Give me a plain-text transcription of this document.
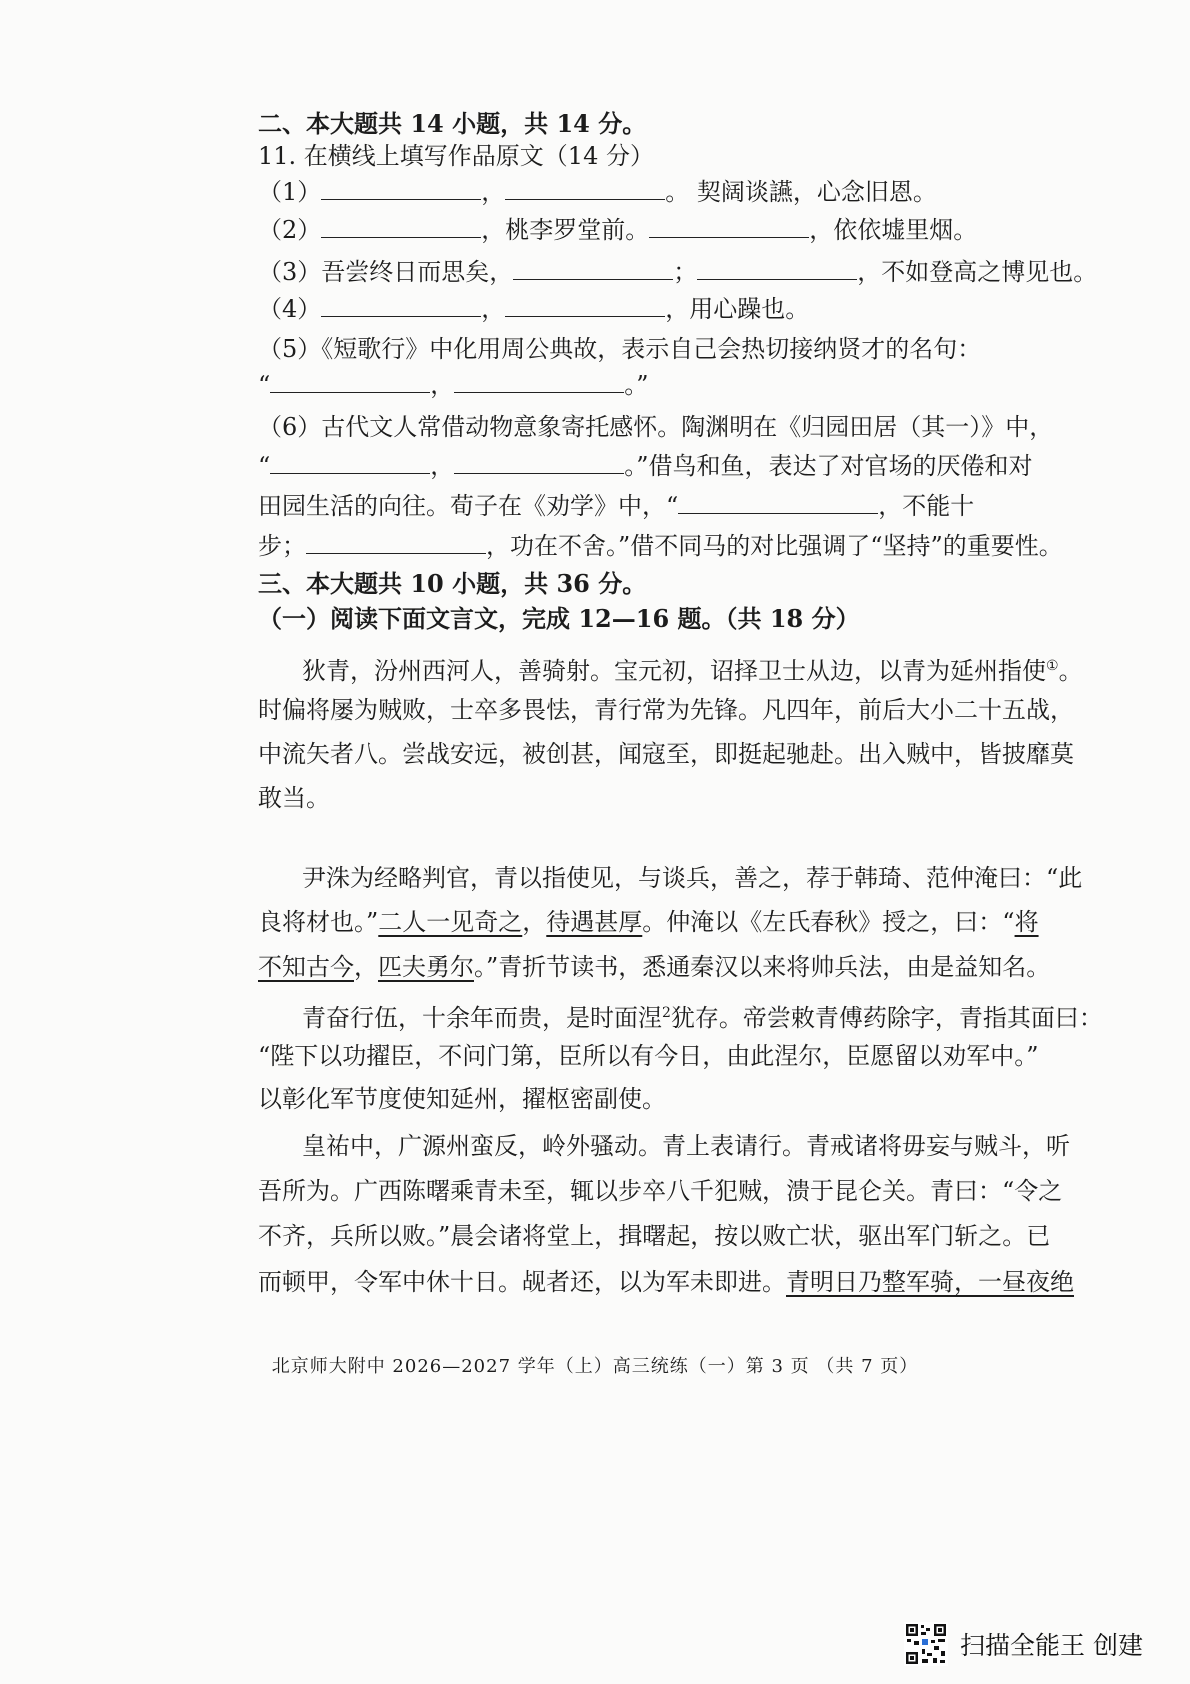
二、本大题共 14 小题，共 14 分。
11. 在横线上填写作品原文（14 分）
（1）	，	。 契阔谈讌，心念旧恩。
（2）	，桃李罗堂前。	，依依墟里烟。
（3）吾尝终日而思矣，	；	，不如登高之博见也。
（4）	，	，用心躁也。
（5）《短歌行》中化用周公典故，表示自己会热切接纳贤才的名句：
“	，	。”
（6）古代文人常借动物意象寄托感怀。陶渊明在《归园田居（其一）》中，
“	，	。”借鸟和鱼，表达了对官场的厌倦和对
田园生活的向往。荀子在《劝学》中，“	，不能十
步；	，功在不舍。”借不同马的对比强调了“坚持”的重要性。
三、本大题共 10 小题，共 36 分。
（一）阅读下面文言文，完成 12—16 题。（共 18 分）
狄青，汾州西河人，善骑射。宝元初，诏择卫士从边，以青为延州指使①。
时偏将屡为贼败，士卒多畏怯，青行常为先锋。凡四年，前后大小二十五战，
中流矢者八。尝战安远，被创甚，闻寇至，即挺起驰赴。出入贼中，皆披靡莫
敢当。
尹洙为经略判官，青以指使见，与谈兵，善之，荐于韩琦、范仲淹曰：“此
良将材也。”二人一见奇之，待遇甚厚。仲淹以《左氏春秋》授之，曰：“将
不知古今，匹夫勇尔。”青折节读书，悉通秦汉以来将帅兵法，由是益知名。
青奋行伍，十余年而贵，是时面涅$^2$犹存。帝尝敕青傅药除字，青指其面曰：
“陛下以功擢臣，不问门第，臣所以有今日，由此涅尔，臣愿留以劝军中。”
以彰化军节度使知延州，擢枢密副使。
皇祐中，广源州蛮反，岭外骚动。青上表请行。青戒诸将毋妄与贼斗，听
吾所为。广西陈曙乘青未至，辄以步卒八千犯贼，溃于昆仑关。青曰：“令之
不齐，兵所以败。”晨会诸将堂上，揖曙起，按以败亡状，驱出军门斩之。已
而顿甲，令军中休十日。觇者还，以为军未即进。青明日乃整军骑，一昼夜绝
北京师大附中 2026—2027 学年（上）高三统练（一）第 3 页 （共 7 页）
扫描全能王 创建
